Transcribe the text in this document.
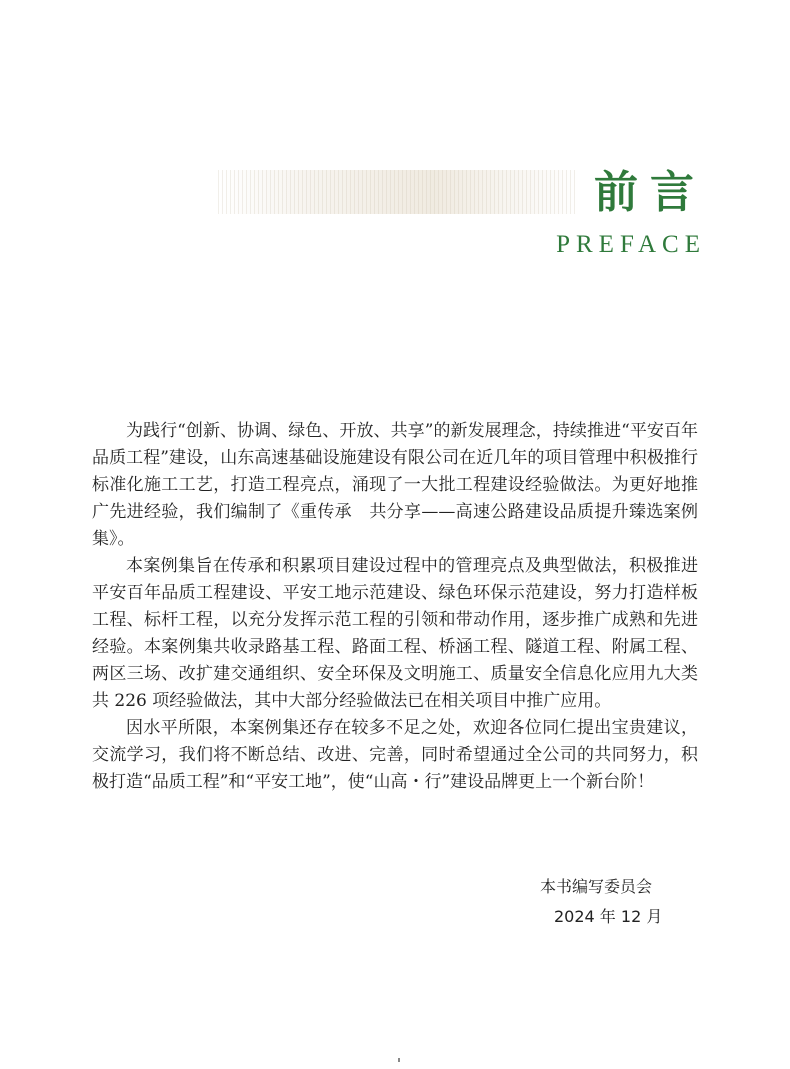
前言
PREFACE

为践行“创新、协调、绿色、开放、共享”的新发展理念，持续推进“平安百年品质工程”建设，山东高速基础设施建设有限公司在近几年的项目管理中积极推行标准化施工工艺，打造工程亮点，涌现了一大批工程建设经验做法。为更好地推广先进经验，我们编制了《重传承　共分享——高速公路建设品质提升臻选案例集》。

本案例集旨在传承和积累项目建设过程中的管理亮点及典型做法，积极推进平安百年品质工程建设、平安工地示范建设、绿色环保示范建设，努力打造样板工程、标杆工程，以充分发挥示范工程的引领和带动作用，逐步推广成熟和先进经验。本案例集共收录路基工程、路面工程、桥涵工程、隧道工程、附属工程、两区三场、改扩建交通组织、安全环保及文明施工、质量安全信息化应用九大类共 226 项经验做法，其中大部分经验做法已在相关项目中推广应用。

因水平所限，本案例集还存在较多不足之处，欢迎各位同仁提出宝贵建议，交流学习，我们将不断总结、改进、完善，同时希望通过全公司的共同努力，积极打造“品质工程”和“平安工地”，使“山高・行”建设品牌更上一个新台阶！

本书编写委员会
2024 年 12 月
